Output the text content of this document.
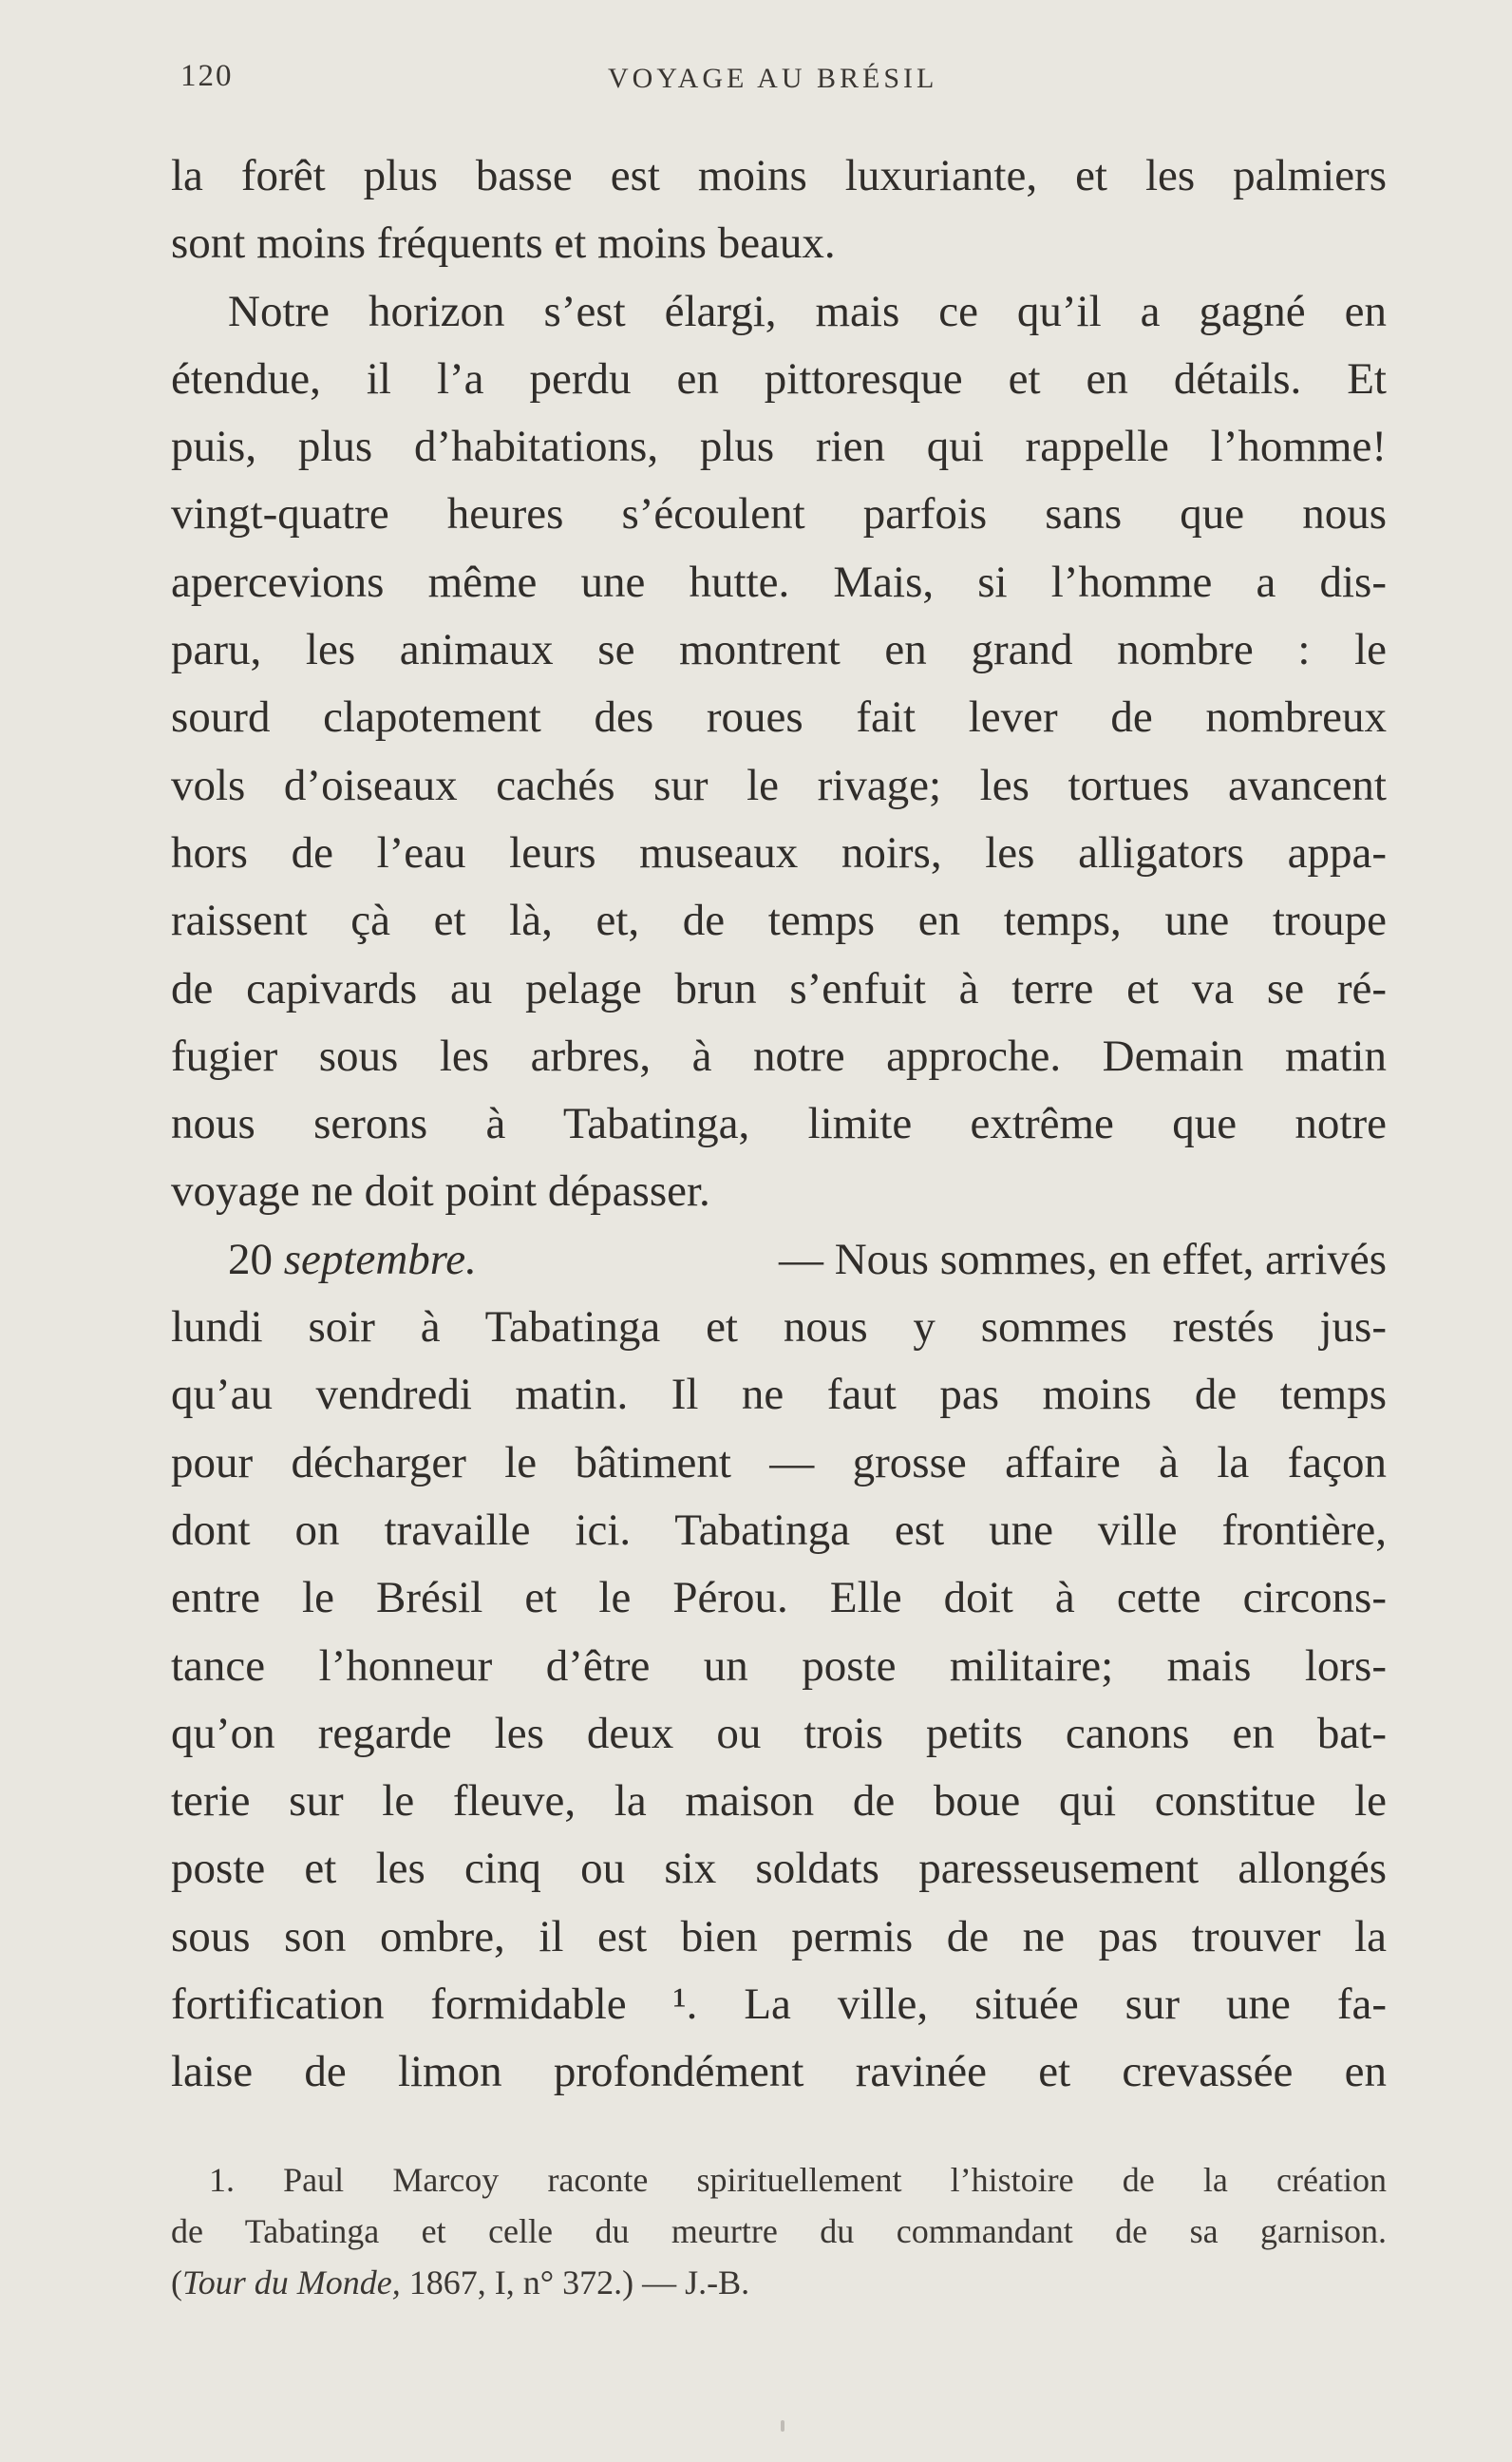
120	VOYAGE AU BRÉSIL
la forêt plus basse est moins luxuriante, et les palmiers
sont moins fréquents et moins beaux.
Notre horizon s’est élargi, mais ce qu’il a gagné en
étendue, il l’a perdu en pittoresque et en détails. Et
puis, plus d’habitations, plus rien qui rappelle l’homme!
vingt-quatre heures s’écoulent parfois sans que nous
apercevions même une hutte. Mais, si l’homme a dis-
paru, les animaux se montrent en grand nombre : le
sourd clapotement des roues fait lever de nombreux
vols d’oiseaux cachés sur le rivage; les tortues avancent
hors de l’eau leurs museaux noirs, les alligators appa-
raissent çà et là, et, de temps en temps, une troupe
de capivards au pelage brun s’enfuit à terre et va se ré-
fugier sous les arbres, à notre approche. Demain matin
nous serons à Tabatinga, limite extrême que notre
voyage ne doit point dépasser.
20 septembre.	— Nous sommes, en effet, arrivés
lundi soir à Tabatinga et nous y sommes restés jus-
qu’au vendredi matin. Il ne faut pas moins de temps
pour décharger le bâtiment — grosse affaire à la façon
dont on travaille ici. Tabatinga est une ville frontière,
entre le Brésil et le Pérou. Elle doit à cette circons-
tance l’honneur d’être un poste militaire; mais lors-
qu’on regarde les deux ou trois petits canons en bat-
terie sur le fleuve, la maison de boue qui constitue le
poste et les cinq ou six soldats paresseusement allongés
sous son ombre, il est bien permis de ne pas trouver la
fortification formidable ¹. La ville, située sur une fa-
laise de limon profondément ravinée et crevassée en
1. Paul Marcoy raconte spirituellement l’histoire de la création
de Tabatinga et celle du meurtre du commandant de sa garnison.
(Tour du Monde, 1867, I, n° 372.) — J.-B.
